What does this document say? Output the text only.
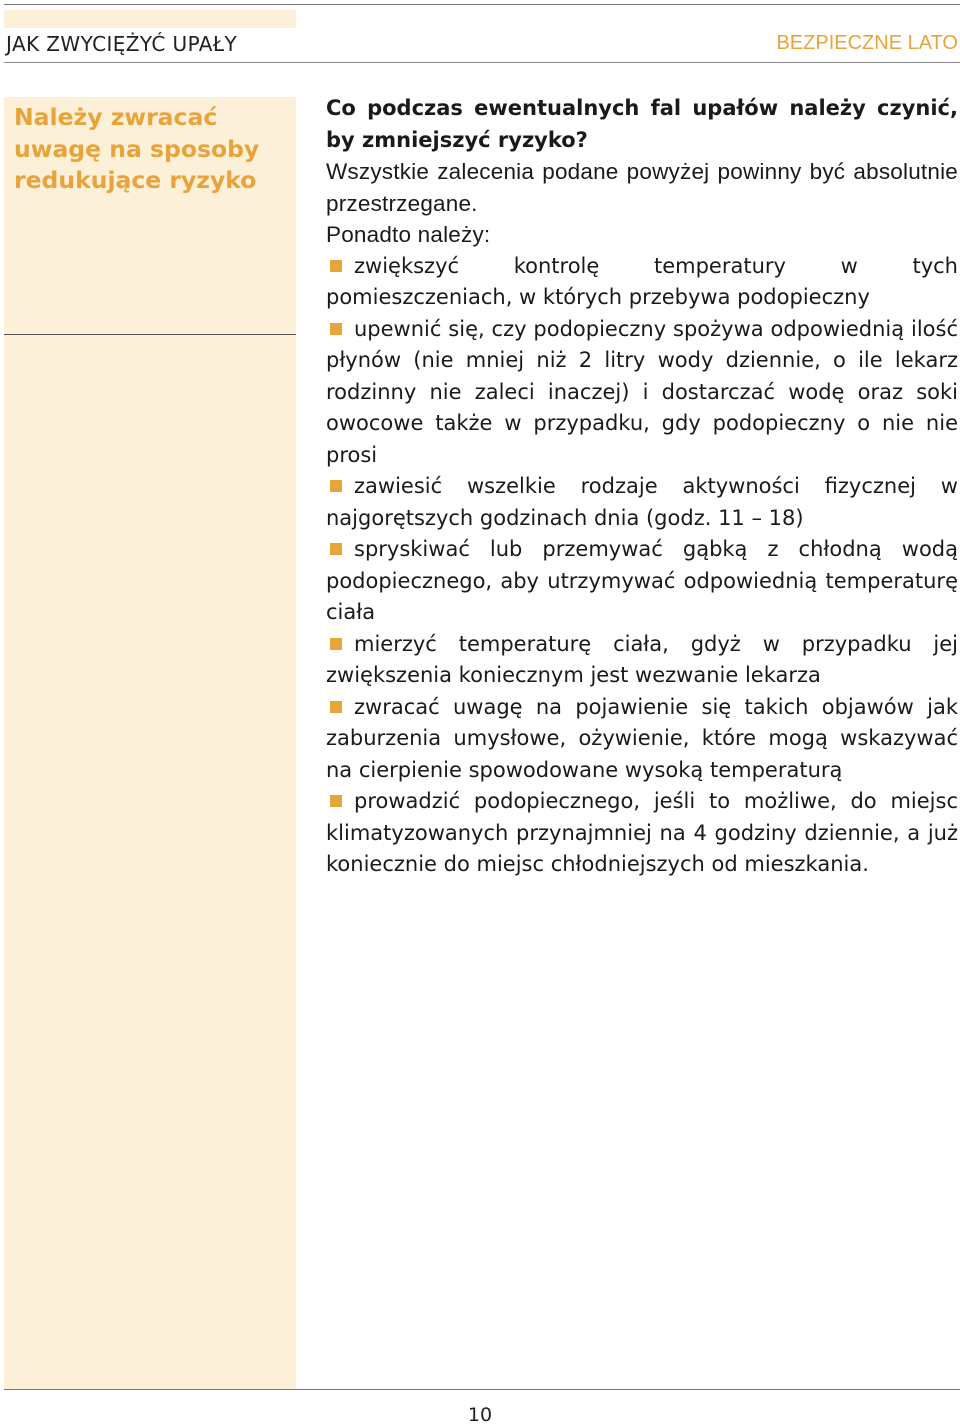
JAK ZWYCIĘŻYĆ UPAŁY	BEZPIECZNE LATO
Należy zwracać uwagę na sposoby redukujące ryzyko

Co podczas ewentualnych fal upałów należy czynić, by zmniejszyć ryzyko?

Wszystkie zalecenia podane powyżej powinny być absolutnie przestrzegane.

Ponadto należy:

zwiększyć kontrolę temperatury w tych pomieszczeniach, w których przebywa podopieczny

upewnić się, czy podopieczny spożywa odpowiednią ilość płynów (nie mniej niż 2 litry wody dziennie, o ile lekarz rodzinny nie zaleci inaczej) i dostarczać wodę oraz soki owocowe także w przypadku, gdy podopieczny o nie nie prosi

zawiesić wszelkie rodzaje aktywności fizycznej w najgorętszych godzinach dnia (godz. 11 – 18)

spryskiwać lub przemywać gąbką z chłodną wodą podopiecznego, aby utrzymywać odpowiednią temperaturę ciała

mierzyć temperaturę ciała, gdyż w przypadku jej zwiększenia koniecznym jest wezwanie lekarza

zwracać uwagę na pojawienie się takich objawów jak zaburzenia umysłowe, ożywienie, które mogą wskazywać na cierpienie spowodowane wysoką temperaturą

prowadzić podopiecznego, jeśli to możliwe, do miejsc klimatyzowanych przynajmniej na 4 godziny dziennie, a już koniecznie do miejsc chłodniejszych od mieszkania.

10
